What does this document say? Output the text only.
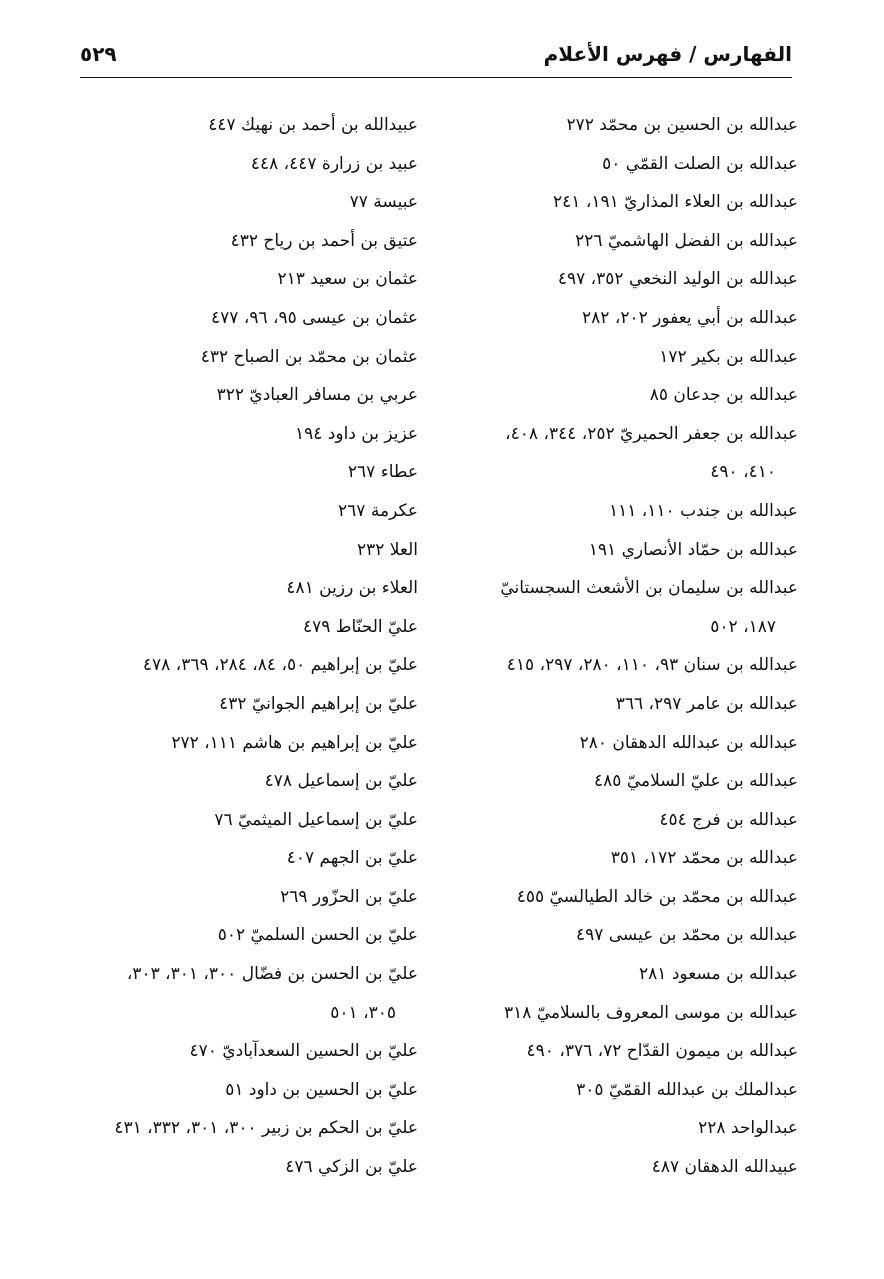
الفهارس / فهرس الأعلام
٥٢٩
عبدالله بن الحسين بن محمّد ٢٧٢
عبدالله بن الصلت القمّي ٥٠
عبدالله بن العلاء المذاريّ ١٩١، ٢٤١
عبدالله بن الفضل الهاشميّ ٢٢٦
عبدالله بن الوليد النخعي ٣٥٢، ٤٩٧
عبدالله بن أبي يعفور ٢٠٢، ٢٨٢
عبدالله بن بكير ١٧٢
عبدالله بن جدعان ٨٥
عبدالله بن جعفر الحميريّ ٢٥٢، ٣٤٤، ٤٠٨،
٤١٠، ٤٩٠
عبدالله بن جندب ١١٠، ١١١
عبدالله بن حمّاد الأنصاري ١٩١
عبدالله بن سليمان بن الأشعث السجستانيّ
١٨٧، ٥٠٢
عبدالله بن سنان ٩٣، ١١٠، ٢٨٠، ٢٩٧، ٤١٥
عبدالله بن عامر ٢٩٧، ٣٦٦
عبدالله بن عبدالله الدهقان ٢٨٠
عبدالله بن عليّ السلاميّ ٤٨٥
عبدالله بن فرج ٤٥٤
عبدالله بن محمّد ١٧٢، ٣٥١
عبدالله بن محمّد بن خالد الطيالسيّ ٤٥٥
عبدالله بن محمّد بن عيسى ٤٩٧
عبدالله بن مسعود ٢٨١
عبدالله بن موسى المعروف بالسلاميّ ٣١٨
عبدالله بن ميمون القدّاح ٧٢، ٣٧٦، ٤٩٠
عبدالملك بن عبدالله القمّيّ ٣٠٥
عبدالواحد ٢٢٨
عبيدالله الدهقان ٤٨٧
عبيدالله بن أحمد بن نهيك ٤٤٧
عبيد بن زرارة ٤٤٧، ٤٤٨
عبيسة ٧٧
عتيق بن أحمد بن رياح ٤٣٢
عثمان بن سعيد ٢١٣
عثمان بن عيسى ٩٥، ٩٦، ٤٧٧
عثمان بن محمّد بن الصباح ٤٣٢
عربي بن مسافر العباديّ ٣٢٢
عزيز بن داود ١٩٤
عطاء ٢٦٧
عكرمة ٢٦٧
العلا ٢٣٢
العلاء بن رزين ٤٨١
عليّ الحنّاط ٤٧٩
عليّ بن إبراهيم ٥٠، ٨٤، ٢٨٤، ٣٦٩، ٤٧٨
عليّ بن إبراهيم الجوانيّ ٤٣٢
عليّ بن إبراهيم بن هاشم ١١١، ٢٧٢
عليّ بن إسماعيل ٤٧٨
عليّ بن إسماعيل الميثميّ ٧٦
عليّ بن الجهم ٤٠٧
عليّ بن الحزّور ٢٦٩
عليّ بن الحسن السلميّ ٥٠٢
عليّ بن الحسن بن فضّال ٣٠٠، ٣٠١، ٣٠٣،
٣٠٥، ٥٠١
عليّ بن الحسين السعدآباديّ ٤٧٠
عليّ بن الحسين بن داود ٥١
عليّ بن الحكم بن زبير ٣٠٠، ٣٠١، ٣٣٢، ٤٣١
عليّ بن الزكي ٤٧٦
